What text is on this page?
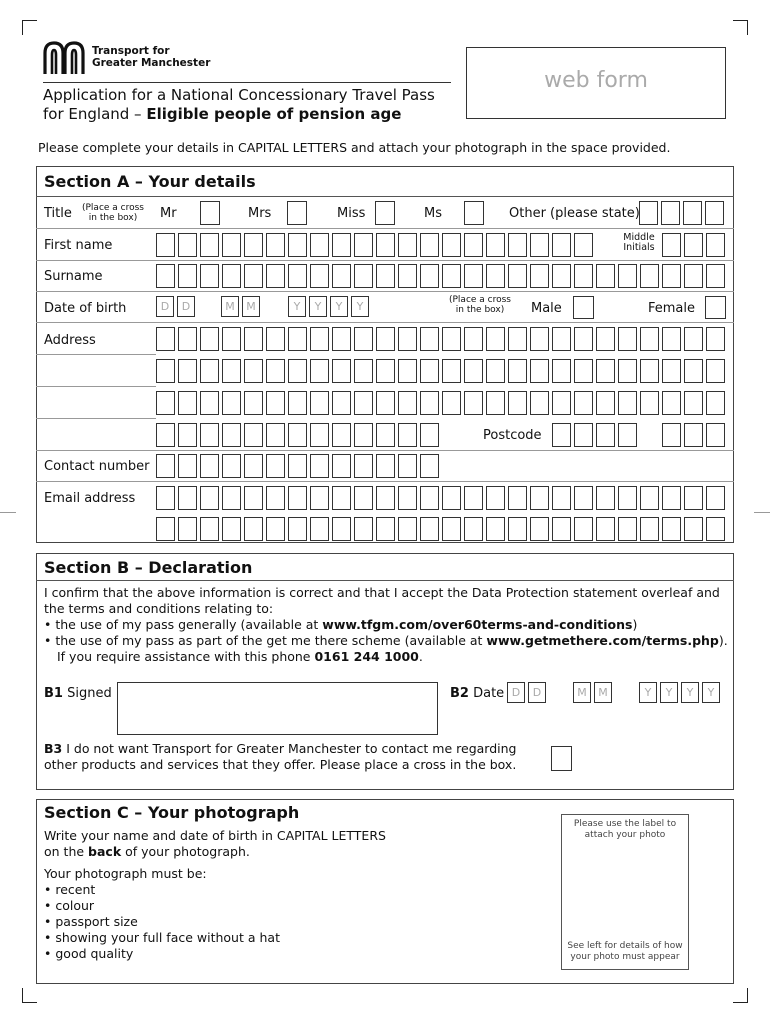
Transport for
Greater Manchester
Application for a National Concessionary Travel Pass
for England – Eligible people of pension age
web form
Please complete your details in CAPITAL LETTERS and attach your photograph in the space provided.
Section A – Your details
Title	(Place a cross in the box)	Mr	Mrs	Miss	Ms	Other (please state)
First name
Middle Initials
Surname
Date of birth	D	D	M	M	Y	Y	Y	Y	(Place a cross in the box)	Male	Female
Address
Postcode
Contact number
Email address
Section B – Declaration
I confirm that the above information is correct and that I accept the Data Protection statement overleaf and the terms and conditions relating to:
• the use of my pass generally (available at www.tfgm.com/over60terms-and-conditions)
• the use of my pass as part of the get me there scheme (available at www.getmethere.com/terms.php).
If you require assistance with this phone 0161 244 1000.
B1 Signed	B2 Date D	D	M	M	Y	Y	Y	Y
B3 I do not want Transport for Greater Manchester to contact me regarding
other products and services that they offer. Please place a cross in the box.
Section C – Your photograph
Write your name and date of birth in CAPITAL LETTERS
on the back of your photograph.
Your photograph must be:
• recent
• colour
• passport size
• showing your full face without a hat
• good quality
Please use the label to attach your photo
See left for details of how your photo must appear
